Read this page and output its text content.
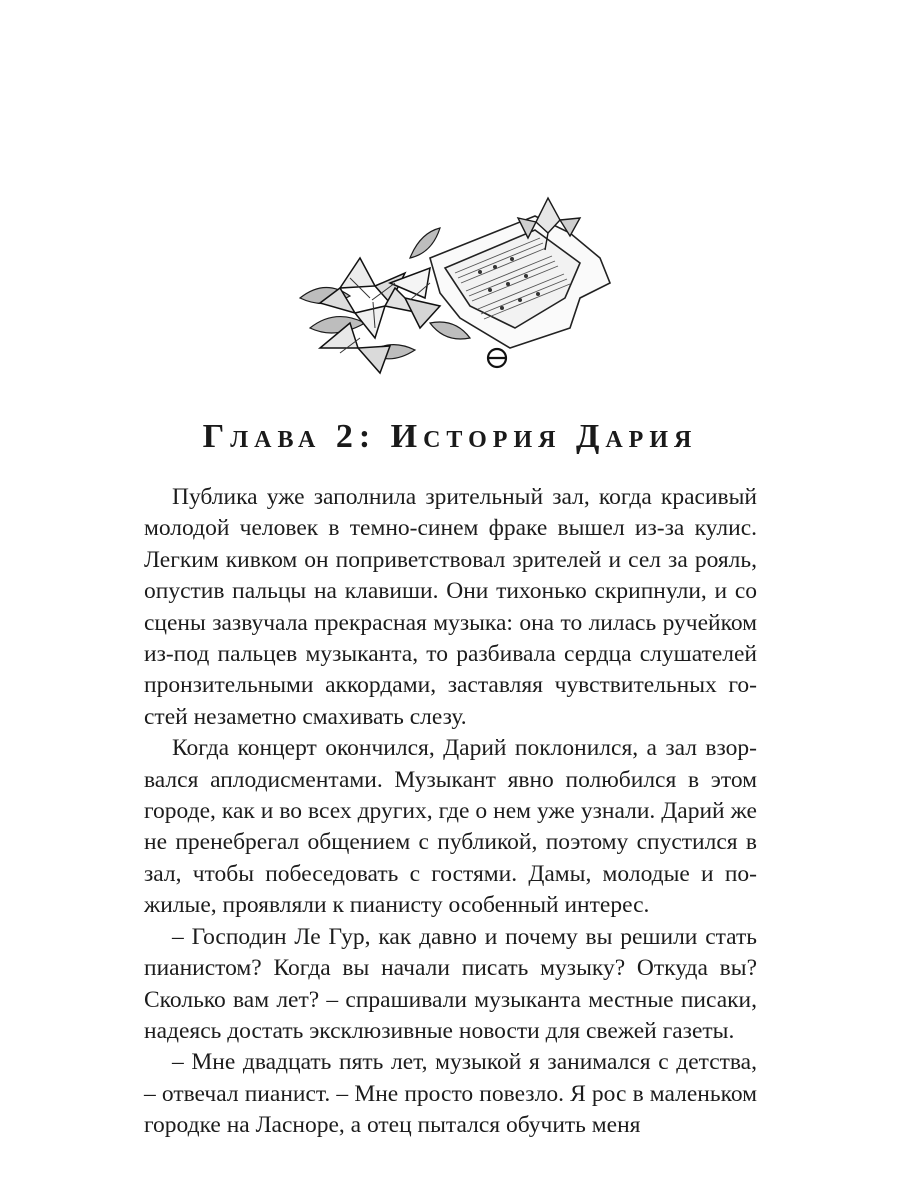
Глава 2: История Дария

Публика уже заполнила зрительный зал, когда красивый молодой человек в темно-синем фраке вышел из-за кулис. Легким кивком он поприветствовал зрителей и сел за рояль, опустив пальцы на клавиши. Они тихонько скрипнули, и со сцены зазвучала прекрасная музыка: она то лилась ручейком из-под пальцев музыканта, то разбивала сердца слушателей пронзительными аккордами, заставляя чувствительных гостей незаметно смахивать слезу.

Когда концерт окончился, Дарий поклонился, а зал взорвался аплодисментами. Музыкант явно полюбился в этом городе, как и во всех других, где о нем уже узнали. Дарий же не пренебрегал общением с публикой, поэтому спустился в зал, чтобы побеседовать с гостями. Дамы, молодые и пожилые, проявляли к пианисту особенный интерес.

– Господин Ле Гур, как давно и почему вы решили стать пианистом? Когда вы начали писать музыку? Откуда вы? Сколько вам лет? – спрашивали музыканта местные писаки, надеясь достать эксклюзивные новости для свежей газеты.

– Мне двадцать пять лет, музыкой я занимался с детства, – отвечал пианист. – Мне просто повезло. Я рос в маленьком городке на Ласноре, а отец пытался обучить меня
